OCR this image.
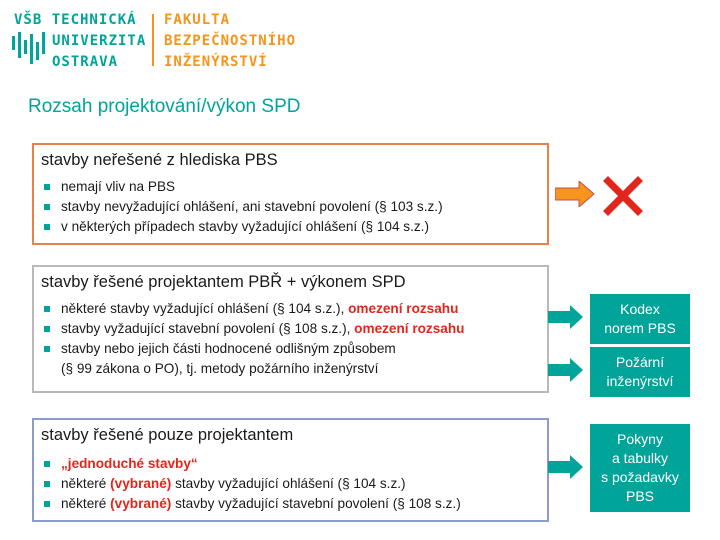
VŠB TECHNICKÁ
UNIVERZITA
OSTRAVA
FAKULTA
BEZPEČNOSTNÍHO
INŽENÝRSTVÍ
Rozsah projektování/výkon SPD
stavby neřešené z hlediska PBS
nemají vliv na PBS
stavby nevyžadující ohlášení, ani stavební povolení (§ 103 s.z.)
v některých případech stavby vyžadující ohlášení (§ 104 s.z.)
stavby řešené projektantem PBŘ + výkonem SPD
některé stavby vyžadující ohlášení (§ 104 s.z.), omezení rozsahu
stavby vyžadující stavební povolení (§ 108 s.z.), omezení rozsahu
stavby nebo jejich části hodnocené odlišným způsobem
(§ 99 zákona o PO), tj. metody požárního inženýrství
stavby řešené pouze projektantem
„jednoduché stavby“
některé (vybrané) stavby vyžadující ohlášení (§ 104 s.z.)
některé (vybrané) stavby vyžadující stavební povolení (§ 108 s.z.)
Kodex
norem PBS
Požární
inženýrství
Pokyny
a tabulky
s požadavky
PBS
